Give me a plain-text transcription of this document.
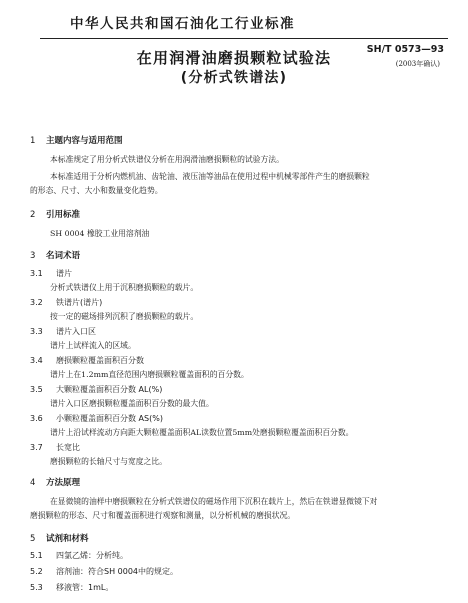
中华人民共和国石油化工行业标准
SH/T 0573—93
(2003年确认)
在用润滑油磨损颗粒试验法
(分析式铁谱法)
1 主题内容与适用范围
本标准规定了用分析式铁谱仪分析在用润滑油磨损颗粒的试验方法。
本标准适用于分析内燃机油、齿轮油、液压油等油品在使用过程中机械零部件产生的磨损颗粒
的形态、尺寸、大小和数量变化趋势。
2 引用标准
SH 0004 橡胶工业用溶剂油
3 名词术语
3.1 谱片
分析式铁谱仪上用于沉积磨损颗粒的载片。
3.2 铁谱片(谱片)
按一定的磁场排列沉积了磨损颗粒的载片。
3.3 谱片入口区
谱片上试样流入的区域。
3.4 磨损颗粒覆盖面积百分数
谱片上在1.2mm直径范围内磨损颗粒覆盖面积的百分数。
3.5 大颗粒覆盖面积百分数 AL(%)
谱片入口区磨损颗粒覆盖面积百分数的最大值。
3.6 小颗粒覆盖面积百分数 AS(%)
谱片上沿试样流动方向距大颗粒覆盖面积AL读数位置5mm处磨损颗粒覆盖面积百分数。
3.7 长宽比
磨损颗粒的长轴尺寸与宽度之比。
4 方法原理
在显微镜的油样中磨损颗粒在分析式铁谱仪的磁场作用下沉积在载片上，然后在铁谱显微镜下对
磨损颗粒的形态、尺寸和覆盖面积进行观察和测量，以分析机械的磨损状况。
5 试剂和材料
5.1 四氯乙烯：分析纯。
5.2 溶剂油：符合SH 0004中的规定。
5.3 移液管：1mL。
